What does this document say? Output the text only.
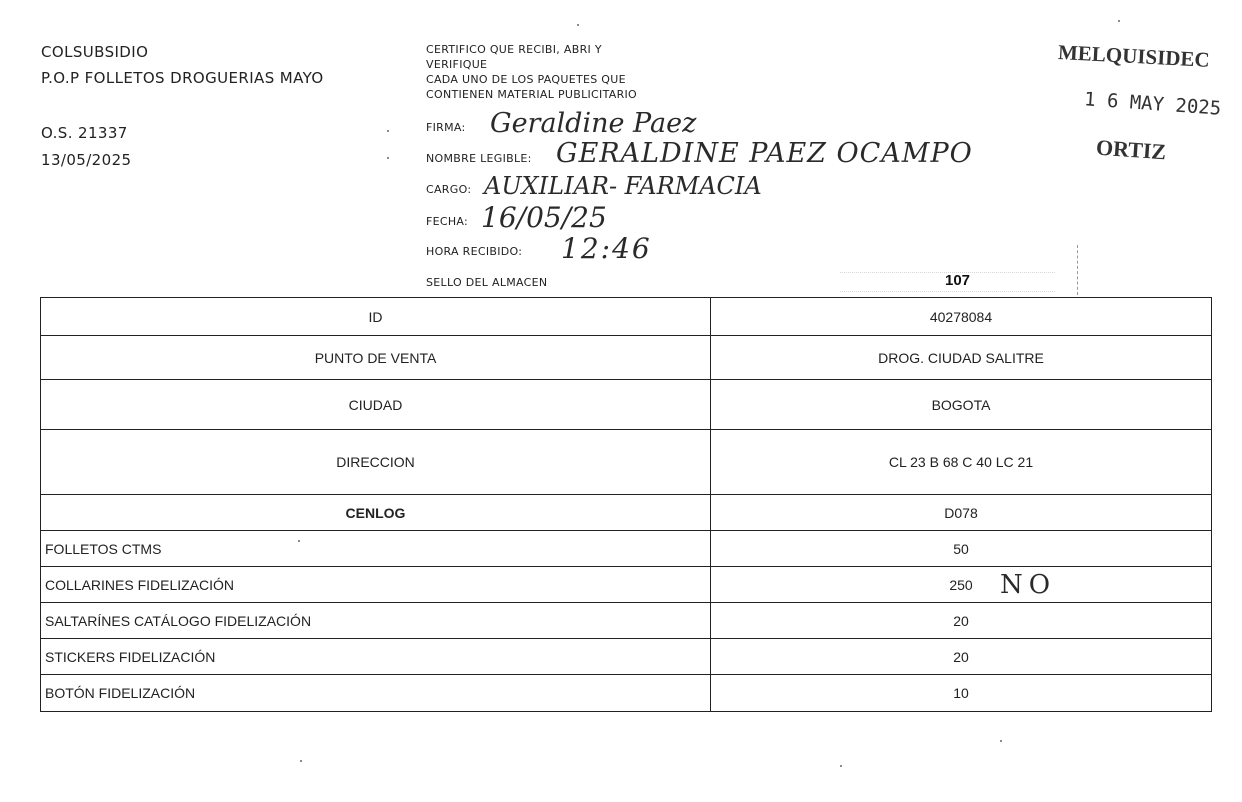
COLSUBSIDIO
P.O.P FOLLETOS DROGUERIAS MAYO
O.S. 21337
13/05/2025
CERTIFICO QUE RECIBI, ABRI Y
VERIFIQUE
CADA UNO DE LOS PAQUETES QUE
CONTIENEN MATERIAL PUBLICITARIO
FIRMA: Geraldine Paez
NOMBRE LEGIBLE: GERALDINE PAEZ OCAMPO
CARGO: AUXILIAR- FARMACIA
FECHA: 16/05/25
HORA RECIBIDO: 12:46
SELLO DEL ALMACEN	107
MELQUISIDEC
1 6 MAY 2025
ORTIZ
ID	40278084
PUNTO DE VENTA	DROG. CIUDAD SALITRE
CIUDAD	BOGOTA
DIRECCION	CL 23 B 68 C 40 LC 21
CENLOG	D078
FOLLETOS CTMS	50
COLLARINES FIDELIZACIÓN	250
SALTARÍNES CATÁLOGO FIDELIZACIÓN	20
STICKERS FIDELIZACIÓN	20
BOTÓN FIDELIZACIÓN	10
NO
